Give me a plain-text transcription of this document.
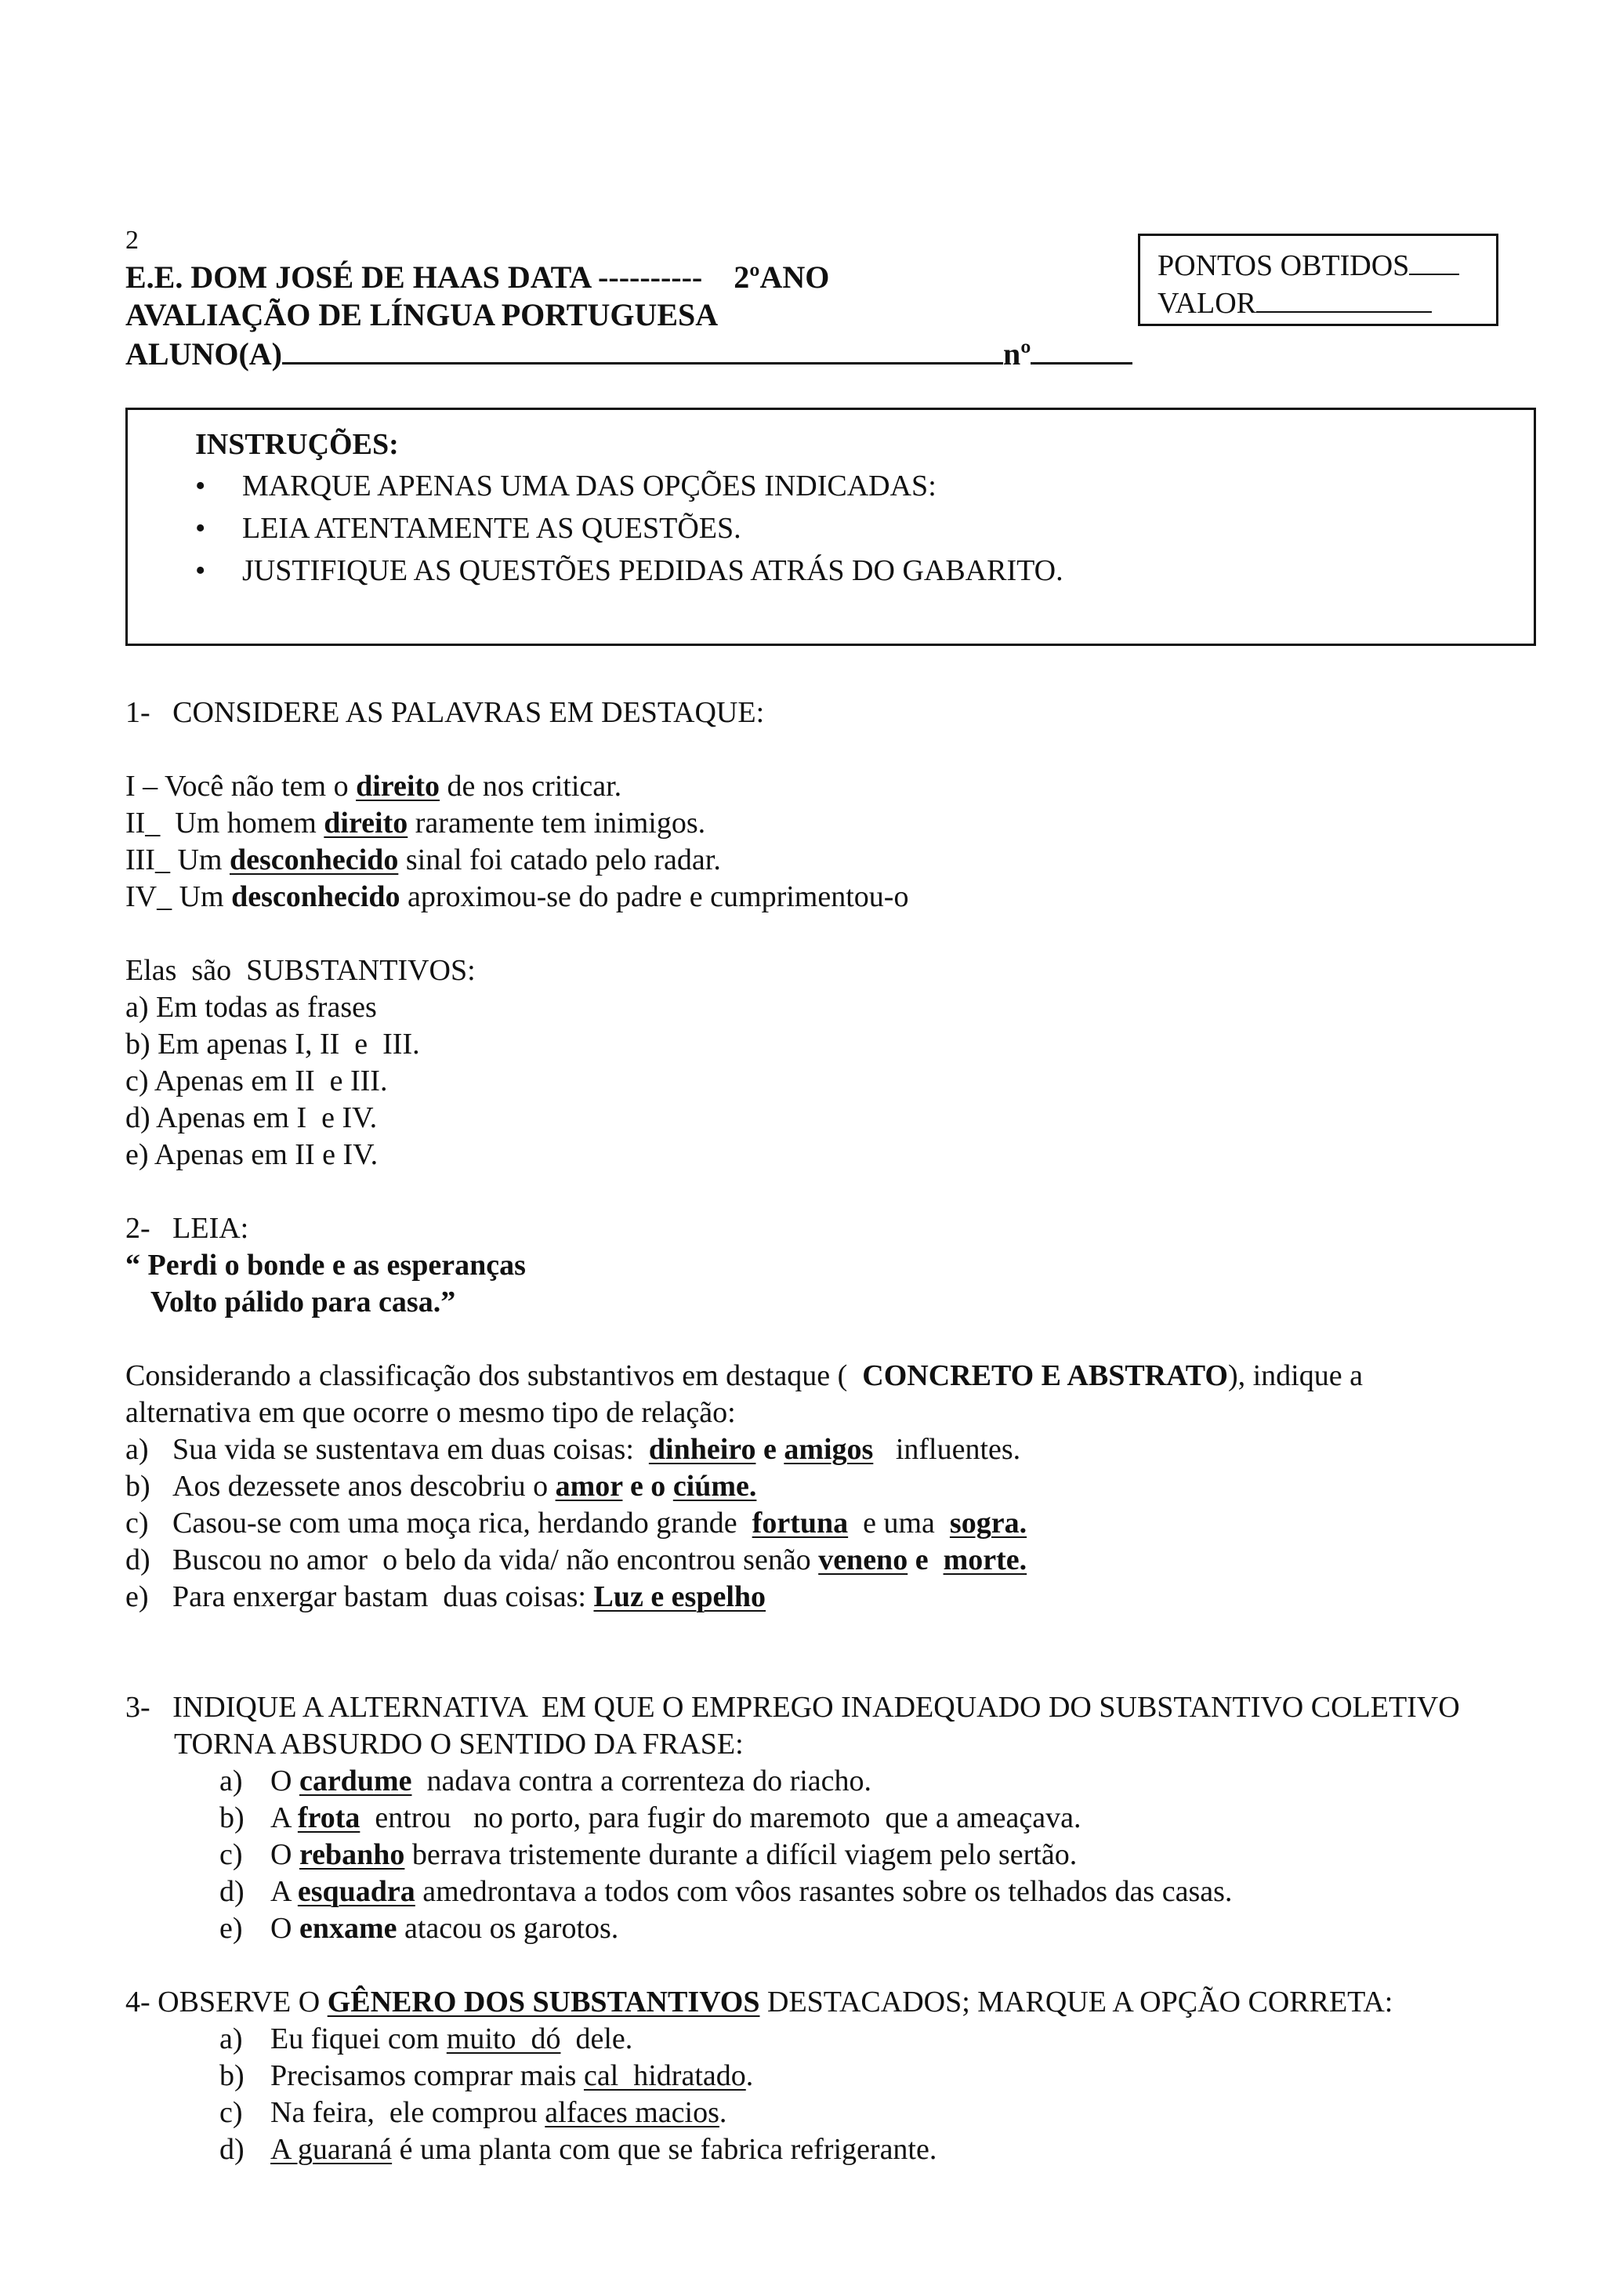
2
E.E. DOM JOSÉ DE HAAS DATA ---------- 2ºANO
AVALIAÇÃO DE LÍNGUA PORTUGUESA
ALUNO(A)	nº
PONTOS OBTIDOS
VALOR

INSTRUÇÕES:

• MARQUE APENAS UMA DAS OPÇÕES INDICADAS:
• LEIA ATENTAMENTE AS QUESTÕES.
• JUSTIFIQUE AS QUESTÕES PEDIDAS ATRÁS DO GABARITO.

1- CONSIDERE AS PALAVRAS EM DESTAQUE:

I – Você não tem o direito de nos criticar.

II_  Um homem direito raramente tem inimigos.

III_ Um desconhecido sinal foi catado pelo radar.

IV_ Um desconhecido aproximou-se do padre e cumprimentou-o

Elas  são  SUBSTANTIVOS:

a) Em todas as frases

b) Em apenas I, II  e  III.

c) Apenas em II  e III.

d) Apenas em I  e IV.

e) Apenas em II e IV.

2- LEIA:

“ Perdi o bonde e as esperanças

Volto pálido para casa.”

Considerando a classificação dos substantivos em destaque (  CONCRETO E ABSTRATO), indique a alternativa em que ocorre o mesmo tipo de relação:

a) Sua vida se sustentava em duas coisas:  dinheiro e amigos   influentes.

b) Aos dezessete anos descobriu o amor e o ciúme.

c) Casou-se com uma moça rica, herdando grande  fortuna  e uma  sogra.

d) Buscou no amor  o belo da vida/ não encontrou senão veneno e  morte.

e) Para enxergar bastam  duas coisas: Luz e espelho

3- INDIQUE A ALTERNATIVA  EM QUE O EMPREGO INADEQUADO DO SUBSTANTIVO COLETIVO TORNA ABSURDO O SENTIDO DA FRASE:

a) O cardume  nadava contra a correnteza do riacho.

b) A frota  entrou   no porto, para fugir do maremoto  que a ameaçava.

c) O rebanho berrava tristemente durante a difícil viagem pelo sertão.

d) A esquadra amedrontava a todos com vôos rasantes sobre os telhados das casas.

e) O enxame atacou os garotos.

4- OBSERVE O GÊNERO DOS SUBSTANTIVOS DESTACADOS; MARQUE A OPÇÃO CORRETA:

a) Eu fiquei com muito  dó  dele.

b) Precisamos comprar mais cal  hidratado.

c) Na feira,  ele comprou alfaces macios.

d) A guaraná é uma planta com que se fabrica refrigerante.
